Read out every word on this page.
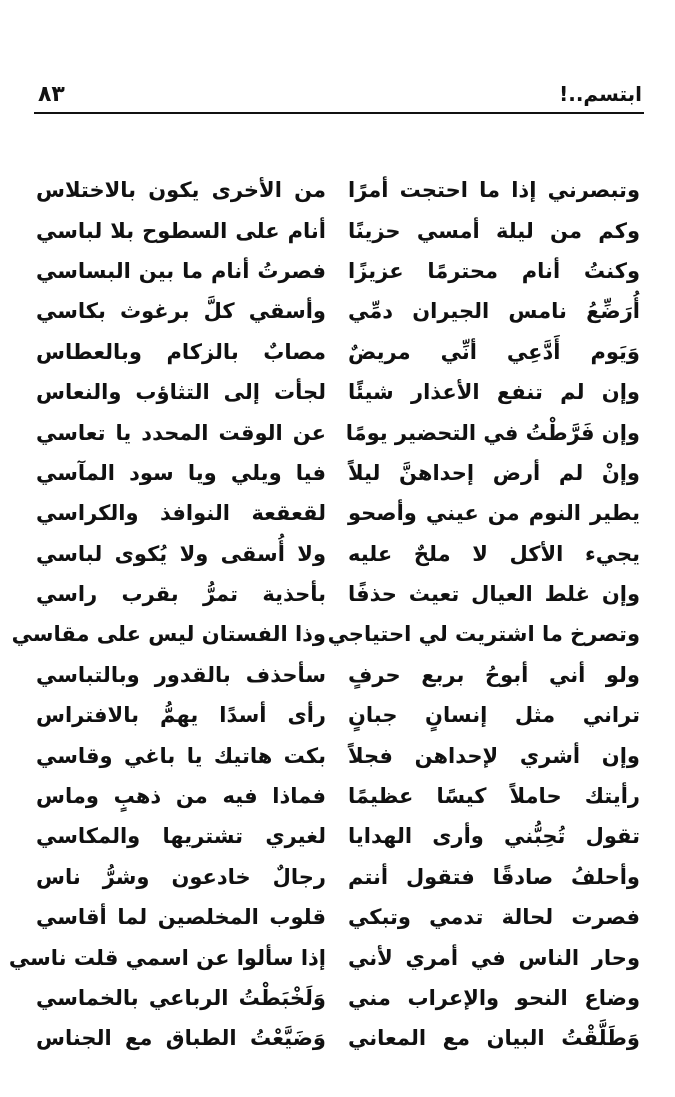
٨٣	ابتسم..!
وتبصرني إذا ما احتجت أمرًا
من الأخرى يكون بالاختلاس
وكم من ليلة أمسي حزينًا
أنام على السطوح بلا لباسي
وكنتُ أنام محترمًا عزيزًا
فصرتُ أنام ما بين البساسي
أُرَضِّعُ نامس الجيران دمِّي
وأسقي كلَّ برغوث بكاسي
وَيَوم أَدَّعِي أنِّي مريضٌ
مصابٌ بالزكام وبالعطاس
وإن لم تنفع الأعذار شيئًا
لجأت إلى التثاؤب والنعاس
وإن فَرَّطْتُ في التحضير يومًا
عن الوقت المحدد يا تعاسي
وإنْ لم أرض إحداهنَّ ليلاً
فيا ويلي ويا سود المآسي
يطير النوم من عيني وأصحو
لقعقعة النوافذ والكراسي
يجيء الأكل لا ملحٌ عليه
ولا أُسقى ولا يُكوى لباسي
وإن غلط العيال تعيث حذفًا
بأحذية تمرُّ بقرب راسي
وتصرخ ما اشتريت لي احتياجي
وذا الفستان ليس على مقاسي
ولو أني أبوحُ بربع حرفٍ
سأحذف بالقدور وبالتباسي
تراني مثل إنسانٍ جبانٍ
رأى أسدًا يهمُّ بالافتراس
وإن أشري لإحداهن فجلاً
بكت هاتيك يا باغي وقاسي
رأيتك حاملاً كيسًا عظيمًا
فماذا فيه من ذهبٍ وماس
تقول تُحِبُّني وأرى الهدايا
لغيري تشتريها والمكاسي
وأحلفُ صادقًا فتقول أنتم
رجالٌ خادعون وشرُّ ناس
فصرت لحالة تدمي وتبكي
قلوب المخلصين لما أقاسي
وحار الناس في أمري لأني
إذا سألوا عن اسمي قلت ناسي
وضاع النحو والإعراب مني
وَلَخْبَطْتُ الرباعي بالخماسي
وَطَلَّقْتُ البيان مع المعاني
وَضَيَّعْتُ الطباق مع الجناس
